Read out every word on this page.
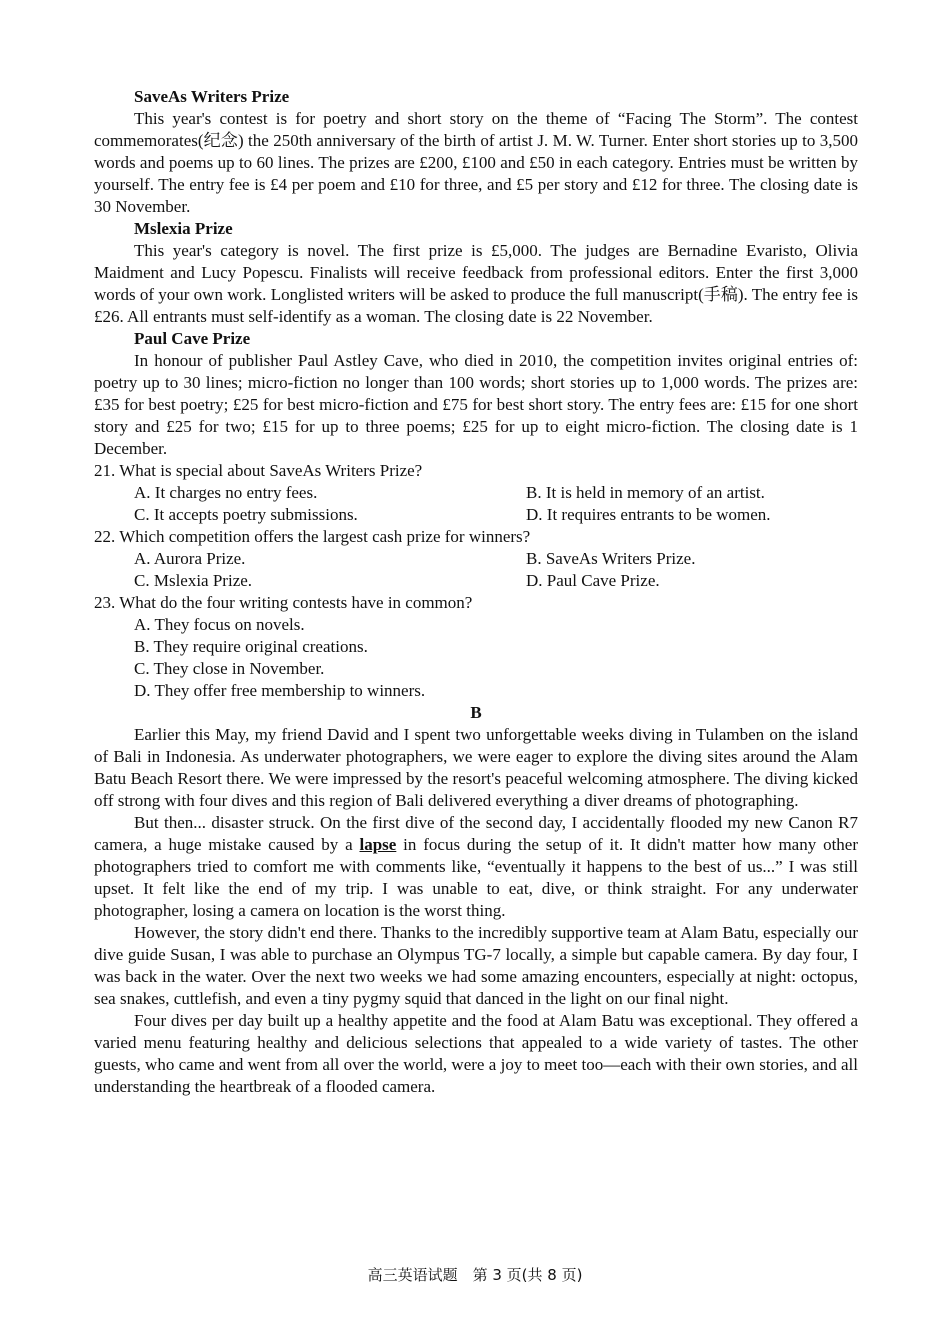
SaveAs Writers Prize

This year's contest is for poetry and short story on the theme of “Facing The Storm”. The contest commemorates(纪念) the 250th anniversary of the birth of artist J. M. W. Turner. Enter short stories up to 3,500 words and poems up to 60 lines. The prizes are £200, £100 and £50 in each category. Entries must be written by yourself. The entry fee is £4 per poem and £10 for three, and £5 per story and £12 for three. The closing date is 30 November.

Mslexia Prize

This year's category is novel. The first prize is £5,000. The judges are Bernadine Evaristo, Olivia Maidment and Lucy Popescu. Finalists will receive feedback from professional editors. Enter the first 3,000 words of your own work. Longlisted writers will be asked to produce the full manuscript(手稿). The entry fee is £26. All entrants must self-identify as a woman. The closing date is 22 November.

Paul Cave Prize

In honour of publisher Paul Astley Cave, who died in 2010, the competition invites original entries of: poetry up to 30 lines; micro-fiction no longer than 100 words; short stories up to 1,000 words. The prizes are: £35 for best poetry; £25 for best micro-fiction and £75 for best short story. The entry fees are: £15 for one short story and £25 for two; £15 for up to three poems; £25 for up to eight micro-fiction. The closing date is 1 December.

21. What is special about SaveAs Writers Prize?

A. It charges no entry fees.	B. It is held in memory of an artist.
C. It accepts poetry submissions.	D. It requires entrants to be women.

22. Which competition offers the largest cash prize for winners?

A. Aurora Prize.	B. SaveAs Writers Prize.
C. Mslexia Prize.	D. Paul Cave Prize.

23. What do the four writing contests have in common?

A. They focus on novels.
B. They require original creations.
C. They close in November.
D. They offer free membership to winners.
B

Earlier this May, my friend David and I spent two unforgettable weeks diving in Tulamben on the island of Bali in Indonesia. As underwater photographers, we were eager to explore the diving sites around the Alam Batu Beach Resort there. We were impressed by the resort's peaceful welcoming atmosphere. The diving kicked off strong with four dives and this region of Bali delivered everything a diver dreams of photographing.

But then... disaster struck. On the first dive of the second day, I accidentally flooded my new Canon R7 camera, a huge mistake caused by a lapse in focus during the setup of it. It didn't matter how many other photographers tried to comfort me with comments like, “eventually it happens to the best of us...” I was still upset. It felt like the end of my trip. I was unable to eat, dive, or think straight. For any underwater photographer, losing a camera on location is the worst thing.

However, the story didn't end there. Thanks to the incredibly supportive team at Alam Batu, especially our dive guide Susan, I was able to purchase an Olympus TG-7 locally, a simple but capable camera. By day four, I was back in the water. Over the next two weeks we had some amazing encounters, especially at night: octopus, sea snakes, cuttlefish, and even a tiny pygmy squid that danced in the light on our final night.

Four dives per day built up a healthy appetite and the food at Alam Batu was exceptional. They offered a varied menu featuring healthy and delicious selections that appealed to a wide variety of tastes. The other guests, who came and went from all over the world, were a joy to meet too—each with their own stories, and all understanding the heartbreak of a flooded camera.

高三英语试题　第 3 页(共 8 页)
